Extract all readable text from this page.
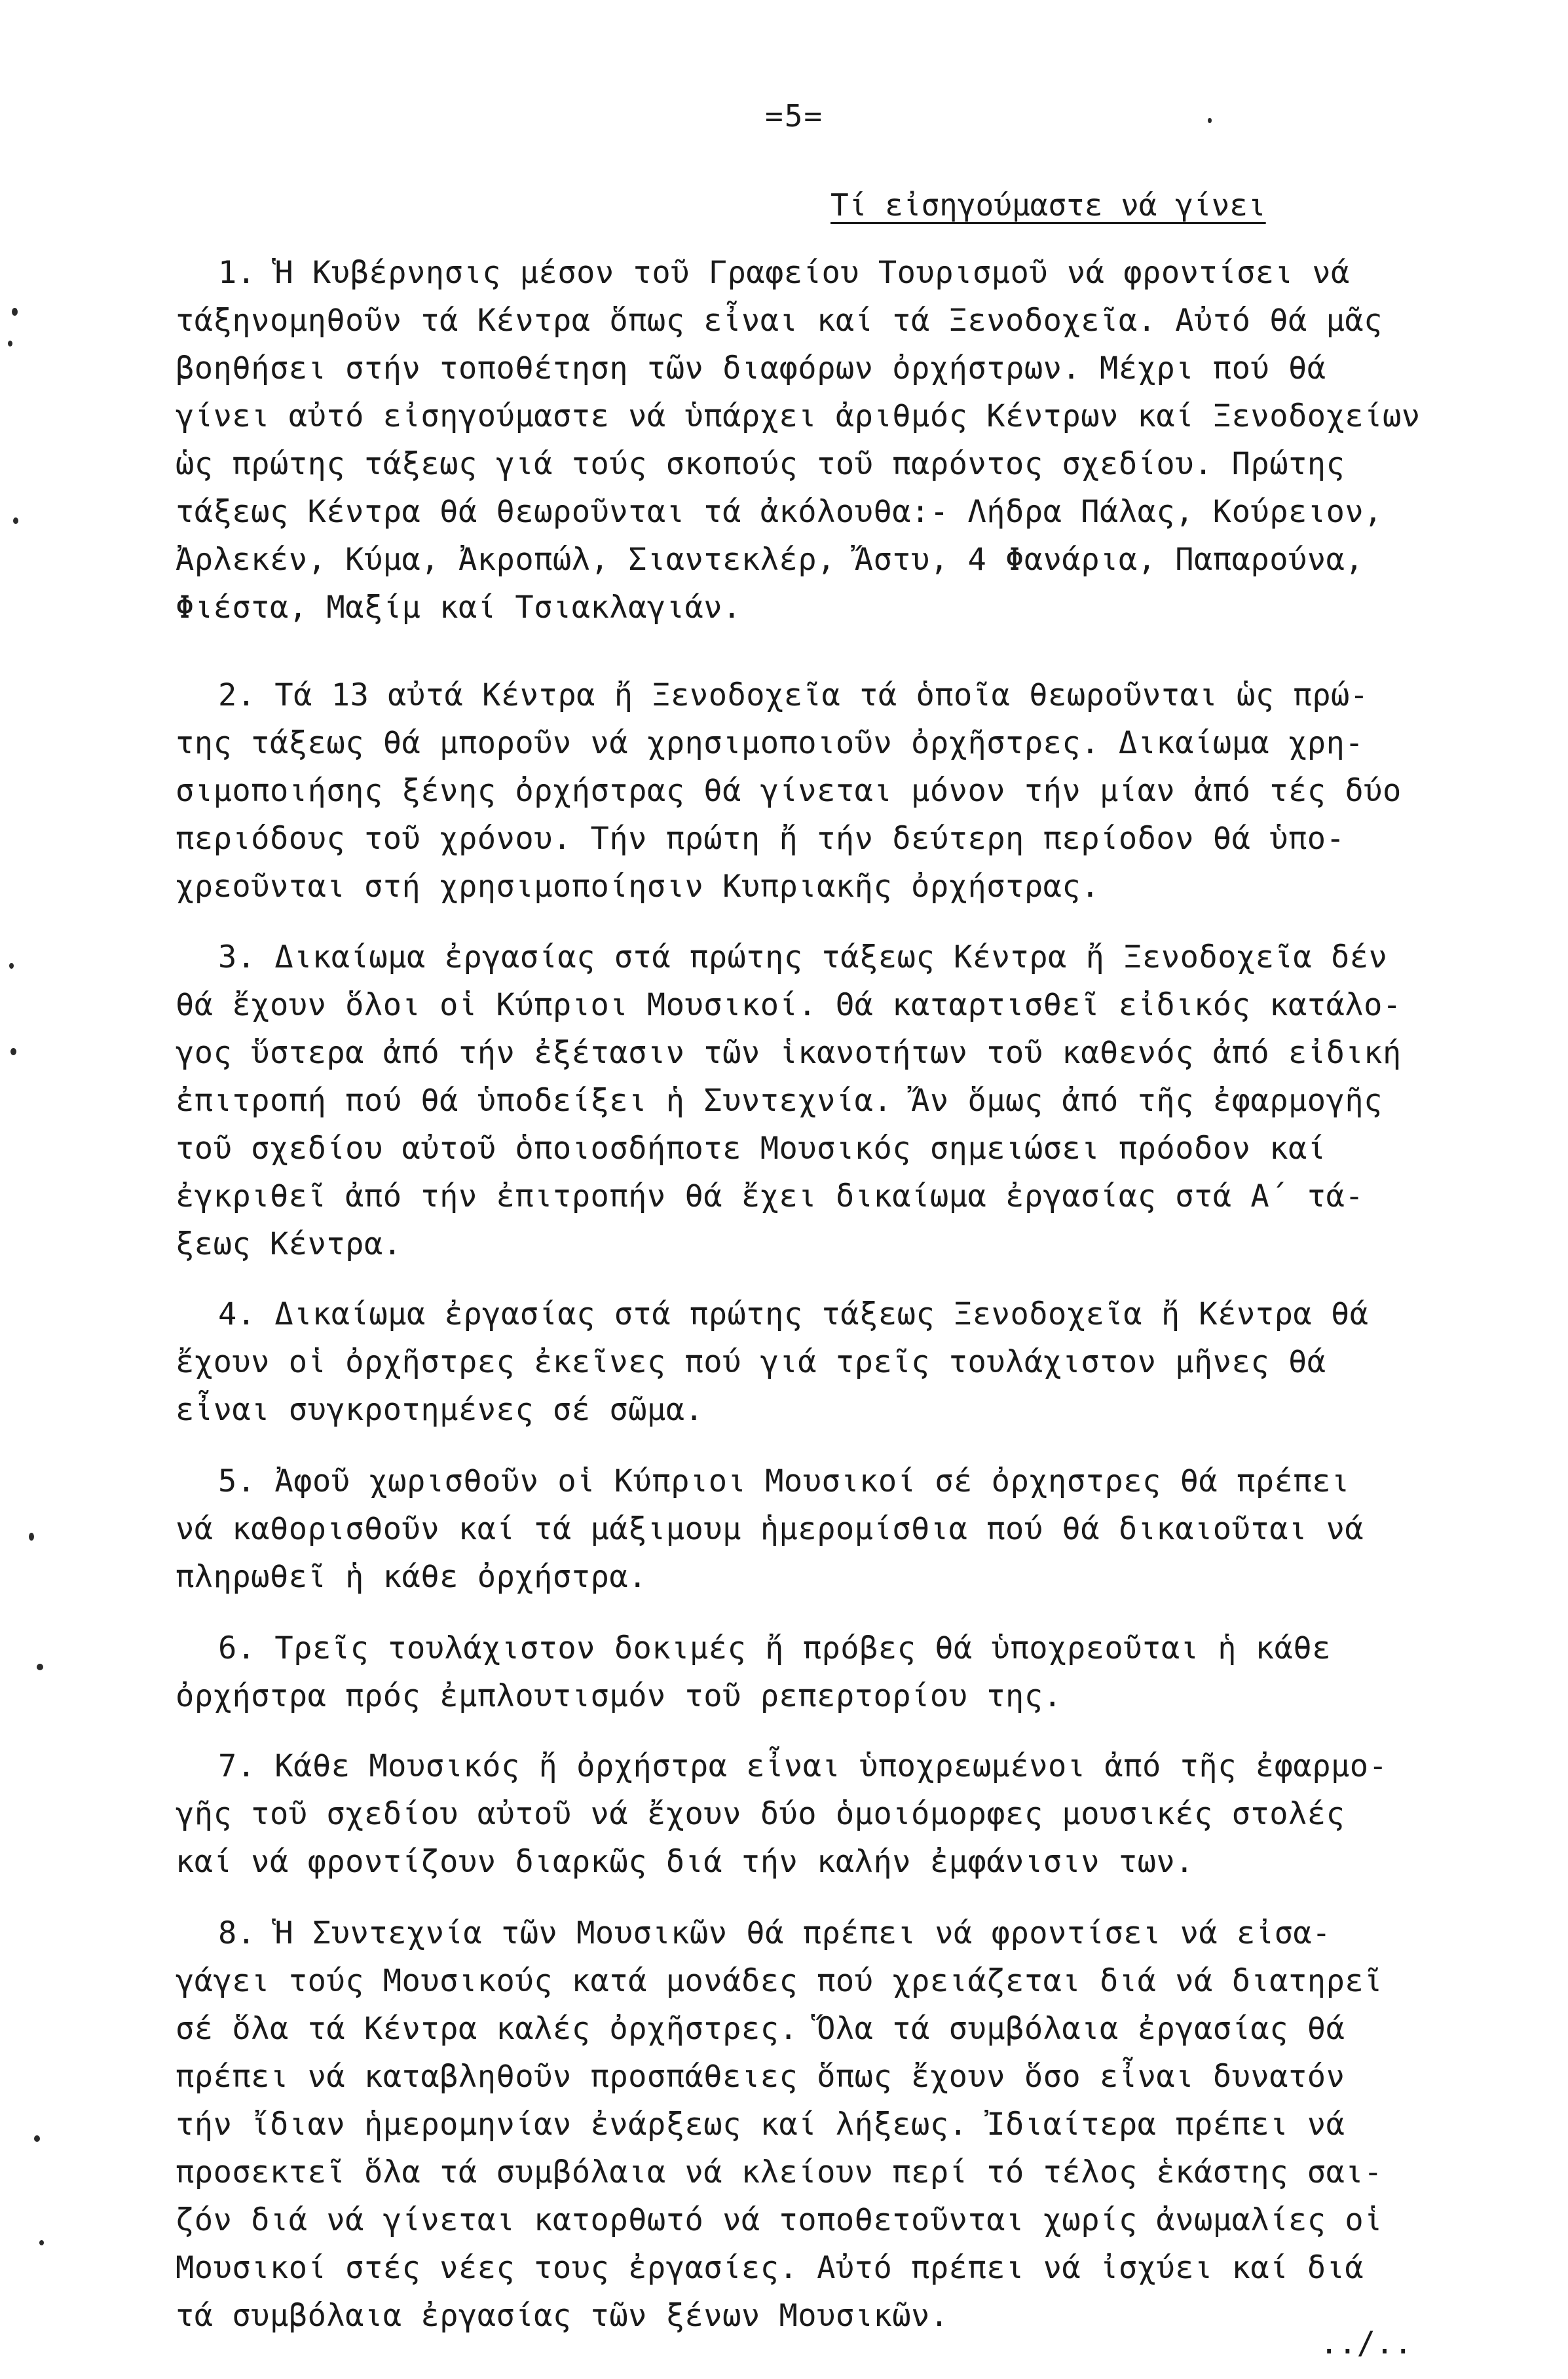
=5=
Τί εἰσηγούμαστε νά γίνει
1. Ἡ Κυβέρνησις μέσον τοῦ Γραφείου Τουρισμοῦ νά φροντίσει νά
τάξηνομηθοῦν τά Κέντρα ὅπως εἶναι καί τά Ξενοδοχεῖα. Αὐτό θά μᾶς
βοηθήσει στήν τοποθέτηση τῶν διαφόρων ὀρχήστρων. Μέχρι πού θά
γίνει αὐτό εἰσηγούμαστε νά ὑπάρχει ἀριθμός Κέντρων καί Ξενοδοχείων
ὡς πρώτης τάξεως γιά τούς σκοπούς τοῦ παρόντος σχεδίου. Πρώτης
τάξεως Κέντρα θά θεωροῦνται τά ἀκόλουθα:- Λήδρα Πάλας, Κούρειον,
Ἀρλεκέν, Κύμα, Ἀκροπώλ, Σιαντεκλέρ, Ἄστυ, 4 Φανάρια, Παπαρούνα,
Φιέστα, Μαξίμ καί Τσιακλαγιάν.
2. Τά 13 αὐτά Κέντρα ἤ Ξενοδοχεῖα τά ὁποῖα θεωροῦνται ὡς πρώ-
της τάξεως θά μποροῦν νά χρησιμοποιοῦν ὀρχῆστρες. Δικαίωμα χρη-
σιμοποιήσης ξένης ὀρχήστρας θά γίνεται μόνον τήν μίαν ἀπό τές δύο
περιόδους τοῦ χρόνου. Τήν πρώτη ἤ τήν δεύτερη περίοδον θά ὑπο-
χρεοῦνται στή χρησιμοποίησιν Κυπριακῆς ὀρχήστρας.
3. Δικαίωμα ἐργασίας στά πρώτης τάξεως Κέντρα ἤ Ξενοδοχεῖα δέν
θά ἔχουν ὅλοι οἱ Κύπριοι Μουσικοί. Θά καταρτισθεῖ εἰδικός κατάλο-
γος ὕστερα ἀπό τήν ἐξέτασιν τῶν ἱκανοτήτων τοῦ καθενός ἀπό εἰδική
ἐπιτροπή πού θά ὑποδείξει ἡ Συντεχνία. Ἄν ὅμως ἀπό τῆς ἐφαρμογῆς
τοῦ σχεδίου αὐτοῦ ὁποιοσδήποτε Μουσικός σημειώσει πρόοδον καί
ἐγκριθεῖ ἀπό τήν ἐπιτροπήν θά ἔχει δικαίωμα ἐργασίας στά Α΄ τά-
ξεως Κέντρα.
4. Δικαίωμα ἐργασίας στά πρώτης τάξεως Ξενοδοχεῖα ἤ Κέντρα θά
ἔχουν οἱ ὀρχῆστρες ἐκεῖνες πού γιά τρεῖς τουλάχιστον μῆνες θά
εἶναι συγκροτημένες σέ σῶμα.
5. Ἀφοῦ χωρισθοῦν οἱ Κύπριοι Μουσικοί σέ ὀρχηστρες θά πρέπει
νά καθορισθοῦν καί τά μάξιμουμ ἡμερομίσθια πού θά δικαιοῦται νά
πληρωθεῖ ἡ κάθε ὀρχήστρα.
6. Τρεῖς τουλάχιστον δοκιμές ἤ πρόβες θά ὑποχρεοῦται ἡ κάθε
ὀρχήστρα πρός ἐμπλουτισμόν τοῦ ρεπερτορίου της.
7. Κάθε Μουσικός ἤ ὀρχήστρα εἶναι ὑποχρεωμένοι ἀπό τῆς ἐφαρμο-
γῆς τοῦ σχεδίου αὐτοῦ νά ἔχουν δύο ὁμοιόμορφες μουσικές στολές
καί νά φροντίζουν διαρκῶς διά τήν καλήν ἐμφάνισιν των.
8. Ἡ Συντεχνία τῶν Μουσικῶν θά πρέπει νά φροντίσει νά εἰσα-
γάγει τούς Μουσικούς κατά μονάδες πού χρειάζεται διά νά διατηρεῖ
σέ ὅλα τά Κέντρα καλές ὀρχῆστρες. Ὅλα τά συμβόλαια ἐργασίας θά
πρέπει νά καταβληθοῦν προσπάθειες ὅπως ἔχουν ὅσο εἶναι δυνατόν
τήν ἴδιαν ἡμερομηνίαν ἐνάρξεως καί λήξεως. Ἰδιαίτερα πρέπει νά
προσεκτεῖ ὅλα τά συμβόλαια νά κλείουν περί τό τέλος ἑκάστης σαι-
ζόν διά νά γίνεται κατορθωτό νά τοποθετοῦνται χωρίς ἀνωμαλίες οἱ
Μουσικοί στές νέες τους ἐργασίες. Αὐτό πρέπει νά ἰσχύει καί διά
τά συμβόλαια ἐργασίας τῶν ξένων Μουσικῶν.
../..
